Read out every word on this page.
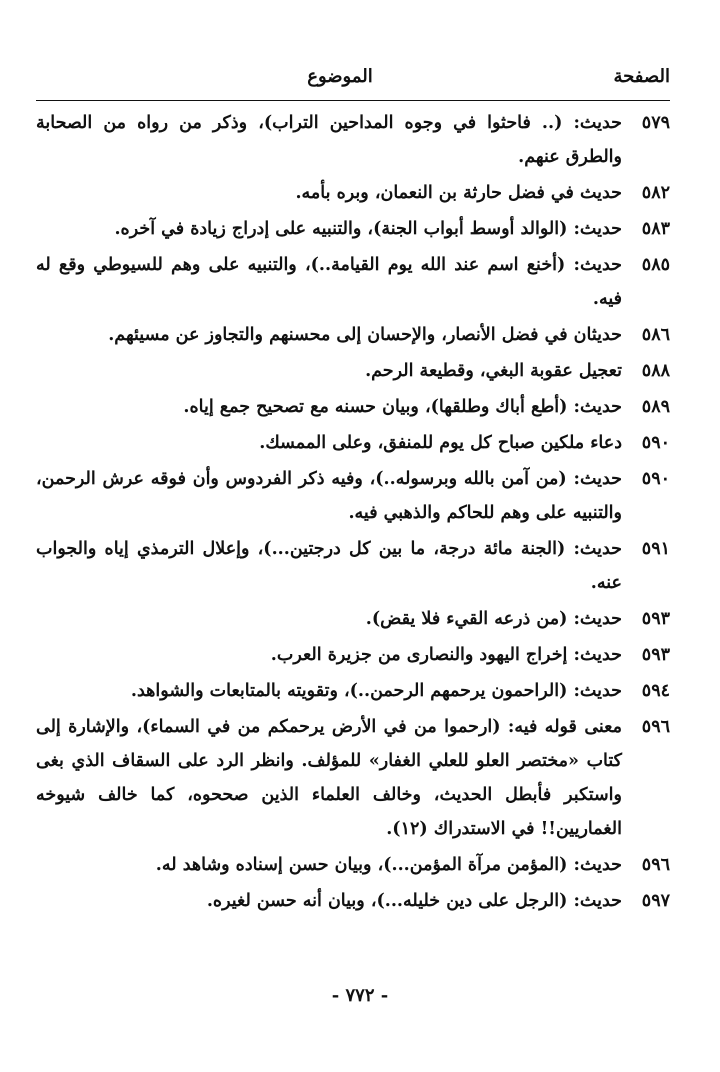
الصفحة
الموضوع
٥٧٩
حديث: (.. فاحثوا في وجوه المداحين التراب)، وذكر من رواه من الصحابة والطرق عنهم.
٥٨٢
حديث في فضل حارثة بن النعمان، وبره بأمه.
٥٨٣
حديث: (الوالد أوسط أبواب الجنة)، والتنبيه على إدراج زيادة في آخره.
٥٨٥
حديث: (أخنع اسم عند الله يوم القيامة..)، والتنبيه على وهم للسيوطي وقع له فيه.
٥٨٦
حديثان في فضل الأنصار، والإحسان إلى محسنهم والتجاوز عن مسيئهم.
٥٨٨
تعجيل عقوبة البغي، وقطيعة الرحم.
٥٨٩
حديث: (أطع أباك وطلقها)، وبيان حسنه مع تصحيح جمع إياه.
٥٩٠
دعاء ملكين صباح كل يوم للمنفق، وعلى الممسك.
٥٩٠
حديث: (من آمن بالله وبرسوله..)، وفيه ذكر الفردوس وأن فوقه عرش الرحمن، والتنبيه على وهم للحاكم والذهبي فيه.
٥٩١
حديث: (الجنة مائة درجة، ما بين كل درجتين...)، وإعلال الترمذي إياه والجواب عنه.
٥٩٣
حديث: (من ذرعه القيء فلا يقض).
٥٩٣
حديث: إخراج اليهود والنصارى من جزيرة العرب.
٥٩٤
حديث: (الراحمون يرحمهم الرحمن..)، وتقويته بالمتابعات والشواهد.
٥٩٦
معنى قوله فيه: (ارحموا من في الأرض يرحمكم من في السماء)، والإشارة إلى كتاب «مختصر العلو للعلي الغفار» للمؤلف. وانظر الرد على السقاف الذي بغى واستكبر فأبطل الحديث، وخالف العلماء الذين صححوه، كما خالف شيوخه الغماريين!! في الاستدراك (١٢).
٥٩٦
حديث: (المؤمن مرآة المؤمن...)، وبيان حسن إسناده وشاهد له.
٥٩٧
حديث: (الرجل على دين خليله...)، وبيان أنه حسن لغيره.
- ٧٧٢ -
